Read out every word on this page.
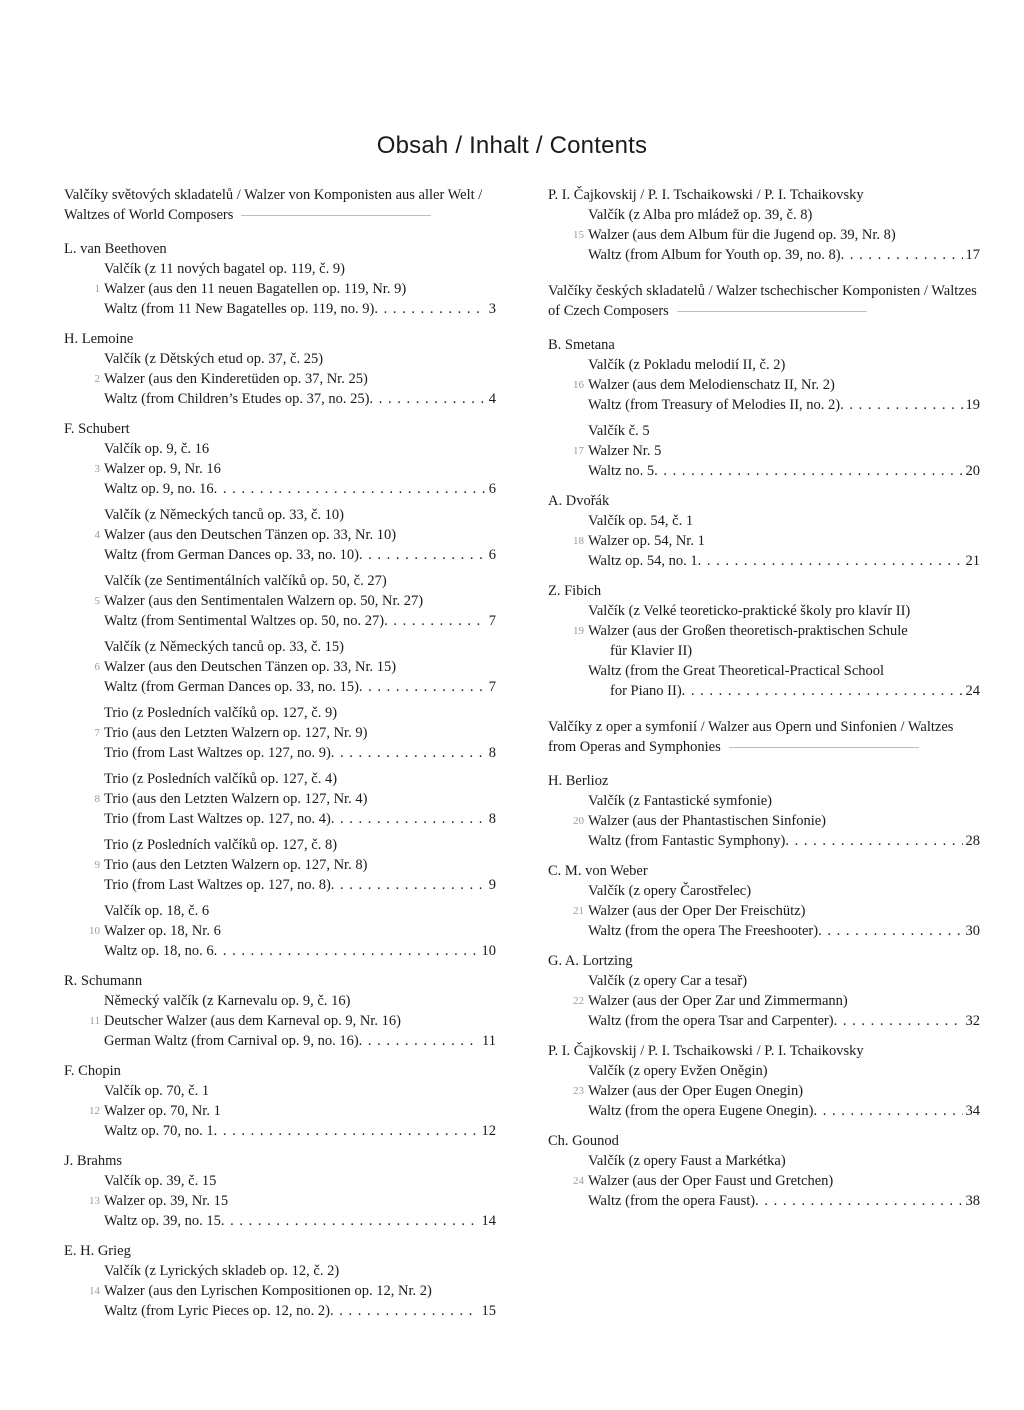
Obsah / Inhalt / Contents
Valčíky světových skladatelů / Walzer von Komponisten aus aller Welt / Waltzes of World Composers
L. van Beethoven
1
Valčík (z 11 nových bagatel op. 119, č. 9)
Walzer (aus den 11 neuen Bagatellen op. 119, Nr. 9)
Waltz (from 11 New Bagatelles op. 119, no. 9) . . .	3
H. Lemoine
2
Valčík (z Dětských etud op. 37, č. 25)
Walzer (aus den Kinderetüden op. 37, Nr. 25)
Waltz (from Children’s Etudes op. 37, no. 25) . . .	4
F. Schubert
3
Valčík op. 9, č. 16
Walzer op. 9, Nr. 16
Waltz op. 9, no. 16 . . .	6
4
Valčík (z Německých tanců op. 33, č. 10)
Walzer (aus den Deutschen Tänzen op. 33, Nr. 10)
Waltz (from German Dances op. 33, no. 10) . . .	6
5
Valčík (ze Sentimentálních valčíků op. 50, č. 27)
Walzer (aus den Sentimentalen Walzern op. 50, Nr. 27)
Waltz (from Sentimental Waltzes op. 50, no. 27) . . .	7
6
Valčík (z Německých tanců op. 33, č. 15)
Walzer (aus den Deutschen Tänzen op. 33, Nr. 15)
Waltz (from German Dances op. 33, no. 15) . . .	7
7
Trio (z Posledních valčíků op. 127, č. 9)
Trio (aus den Letzten Walzern op. 127, Nr. 9)
Trio (from Last Waltzes op. 127, no. 9) . . .	8
8
Trio (z Posledních valčíků op. 127, č. 4)
Trio (aus den Letzten Walzern op. 127, Nr. 4)
Trio (from Last Waltzes op. 127, no. 4) . . .	8
9
Trio (z Posledních valčíků op. 127, č. 8)
Trio (aus den Letzten Walzern op. 127, Nr. 8)
Trio (from Last Waltzes op. 127, no. 8) . . .	9
10
Valčík op. 18, č. 6
Walzer op. 18, Nr. 6
Waltz op. 18, no. 6 . . .	10
R. Schumann
11
Německý valčík (z Karnevalu op. 9, č. 16)
Deutscher Walzer (aus dem Karneval op. 9, Nr. 16)
German Waltz (from Carnival op. 9, no. 16) . . .	11
F. Chopin
12
Valčík op. 70, č. 1
Walzer op. 70, Nr. 1
Waltz op. 70, no. 1 . . .	12
J. Brahms
13
Valčík op. 39, č. 15
Walzer op. 39, Nr. 15
Waltz op. 39, no. 15 . . .	14
E. H. Grieg
14
Valčík (z Lyrických skladeb op. 12, č. 2)
Walzer (aus den Lyrischen Kompositionen op. 12, Nr. 2)
Waltz (from Lyric Pieces op. 12, no. 2) . . .	15
P. I. Čajkovskij / P. I. Tschaikowski / P. I. Tchaikovsky
15
Valčík (z Alba pro mládež op. 39, č. 8)
Walzer (aus dem Album für die Jugend op. 39, Nr. 8)
Waltz (from Album for Youth op. 39, no. 8) . . .	17
Valčíky českých skladatelů / Walzer tschechischer Komponisten / Waltzes of Czech Composers
B. Smetana
16
Valčík (z Pokladu melodií II, č. 2)
Walzer (aus dem Melodienschatz II, Nr. 2)
Waltz (from Treasury of Melodies II, no. 2) . . .	19
17
Valčík č. 5
Walzer Nr. 5
Waltz no. 5 . . .	20
A. Dvořák
18
Valčík op. 54, č. 1
Walzer op. 54, Nr. 1
Waltz op. 54, no. 1 . . .	21
Z. Fibich
19
Valčík (z Velké teoreticko-praktické školy pro klavír II)
Walzer (aus der Großen theoretisch-praktischen Schule
für Klavier II)
Waltz (from the Great Theoretical-Practical School
for Piano II) . . .	24
Valčíky z oper a symfonií / Walzer aus Opern und Sinfonien / Waltzes from Operas and Symphonies
H. Berlioz
20
Valčík (z Fantastické symfonie)
Walzer (aus der Phantastischen Sinfonie)
Waltz (from Fantastic Symphony) . . .	28
C. M. von Weber
21
Valčík (z opery Čarostřelec)
Walzer (aus der Oper Der Freischütz)
Waltz (from the opera The Freeshooter) . . .	30
G. A. Lortzing
22
Valčík (z opery Car a tesař)
Walzer (aus der Oper Zar und Zimmermann)
Waltz (from the opera Tsar and Carpenter) . . .	32
P. I. Čajkovskij / P. I. Tschaikowski / P. I. Tchaikovsky
23
Valčík (z opery Evžen Oněgin)
Walzer (aus der Oper Eugen Onegin)
Waltz (from the opera Eugene Onegin) . . .	34
Ch. Gounod
24
Valčík (z opery Faust a Markétka)
Walzer (aus der Oper Faust und Gretchen)
Waltz (from the opera Faust) . . .	38
